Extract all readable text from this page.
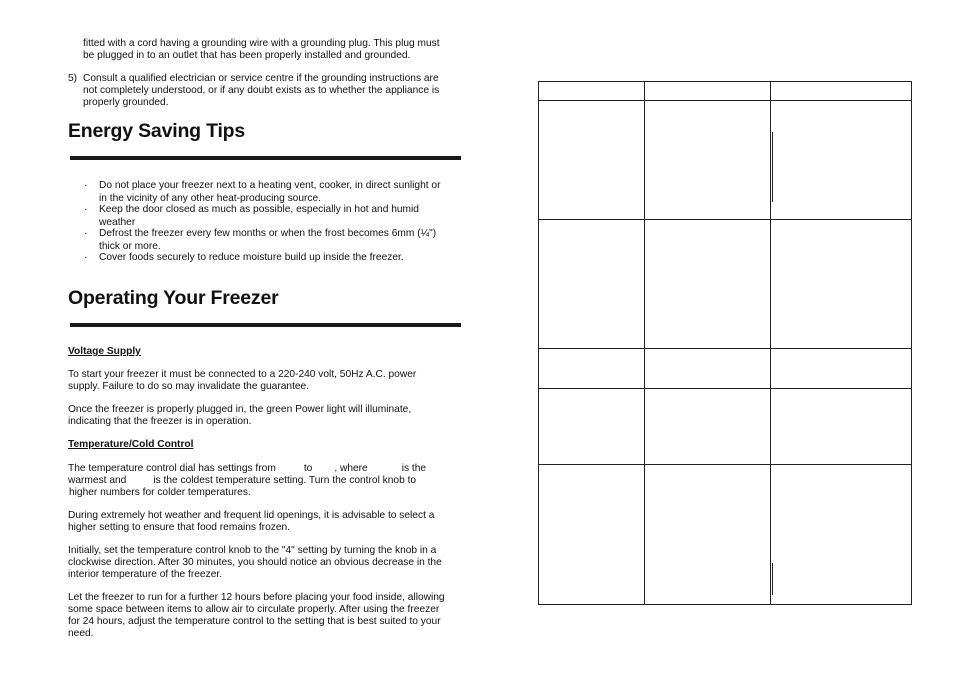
fitted with a cord having a grounding wire with a grounding plug. This plug must

be plugged in to an outlet that has been properly installed and grounded.

5) Consult a qualified electrician or service centre if the grounding instructions are

not completely understood, or if any doubt exists as to whether the appliance is

properly grounded.

Energy Saving Tips
· Do not place your freezer next to a heating vent, cooker, in direct sunlight or
in the vicinity of any other heat-producing source.
· Keep the door closed as much as possible, especially in hot and humid
weather
· Defrost the freezer every few months or when the frost becomes 6mm (¼")
thick or more.
· Cover foods securely to reduce moisture build up inside the freezer.
Operating Your Freezer

Voltage Supply

To start your freezer it must be connected to a 220-240 volt, 50Hz A.C. power

supply. Failure to do so may invalidate the guarantee.

Once the freezer is properly plugged in, the green Power light will illuminate,

indicating that the freezer is in operation.

Temperature/Cold Control

The temperature control dial has settings from	to , where	is the

warmest and	is the coldest temperature setting. Turn the control knob to

higher numbers for colder temperatures.

During extremely hot weather and frequent lid openings, it is advisable to select a

higher setting to ensure that food remains frozen.

Initially, set the temperature control knob to the "4" setting by turning the knob in a

clockwise direction. After 30 minutes, you should notice an obvious decrease in the

interior temperature of the freezer.

Let the freezer to run for a further 12 hours before placing your food inside, allowing

some space between items to allow air to circulate properly. After using the freezer

for 24 hours, adjust the temperature control to the setting that is best suited to your

need.
